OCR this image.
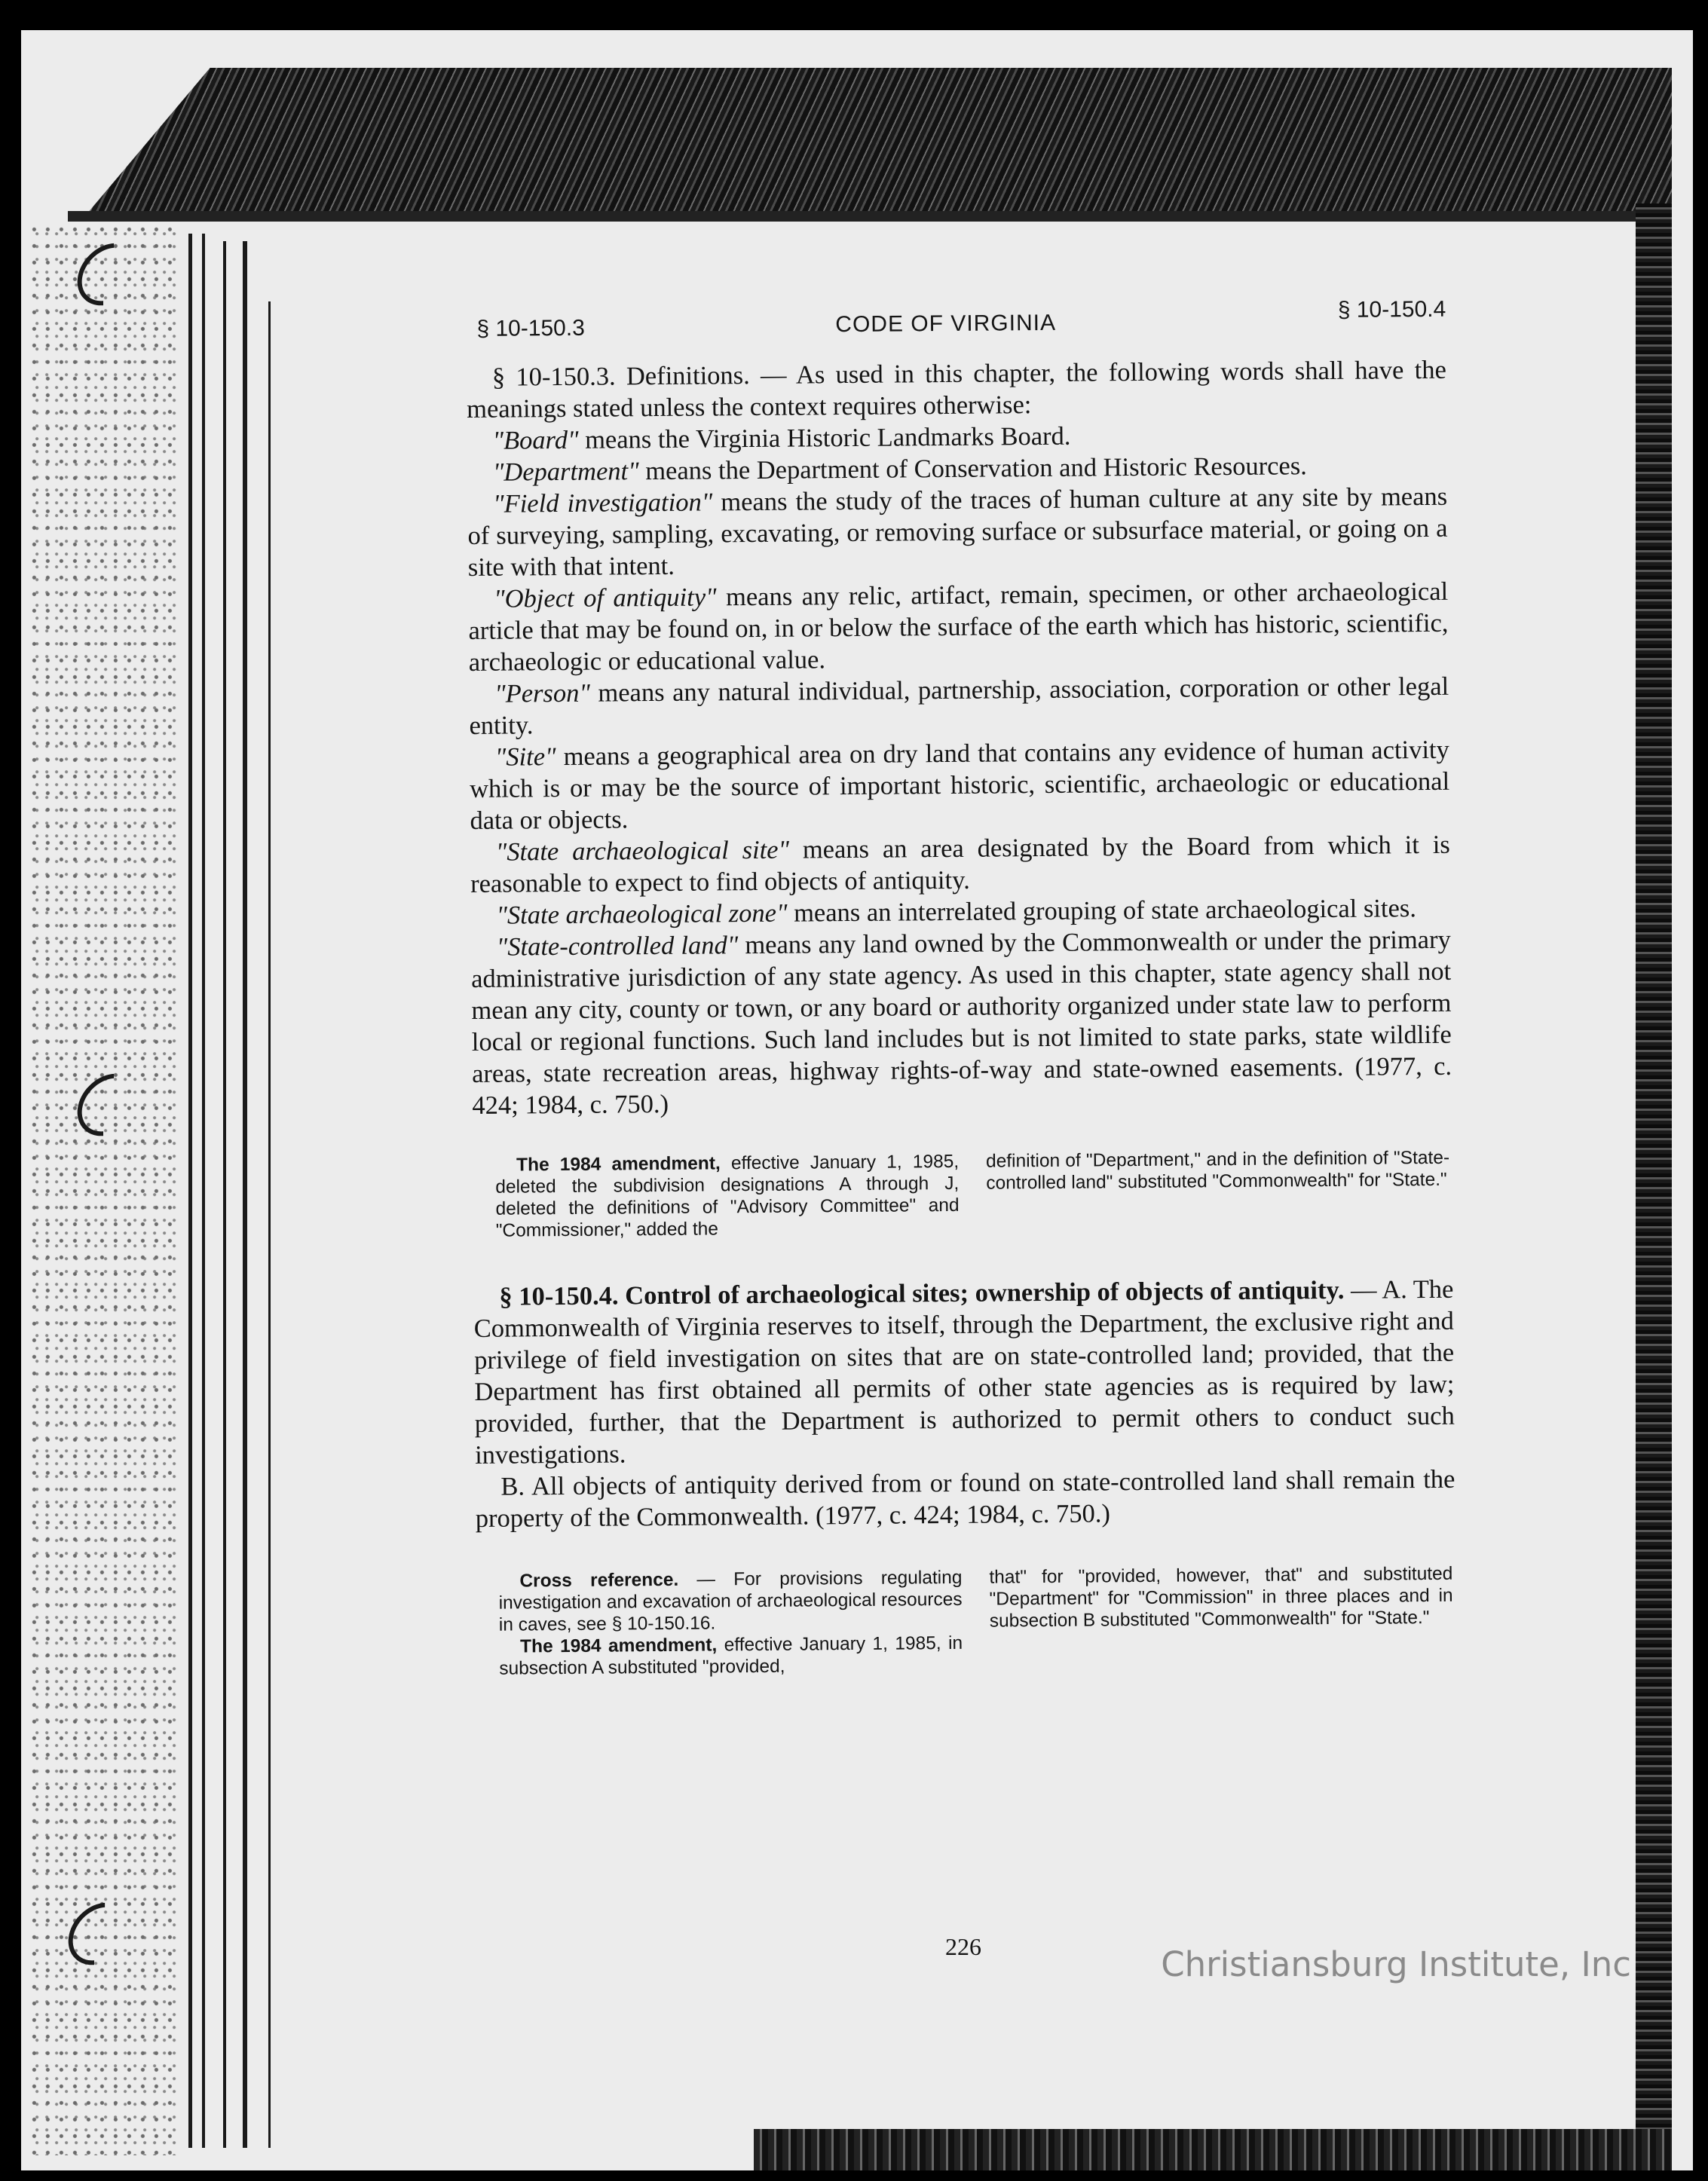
§ 10-150.3	CODE OF VIRGINIA
§ 10-150.4

§ 10-150.3. Definitions. — As used in this chapter, the following words shall have the meanings stated unless the context requires otherwise:

"Board" means the Virginia Historic Landmarks Board.

"Department" means the Department of Conservation and Historic Resources.

"Field investigation" means the study of the traces of human culture at any site by means of surveying, sampling, excavating, or removing surface or subsurface material, or going on a site with that intent.

"Object of antiquity" means any relic, artifact, remain, specimen, or other archaeological article that may be found on, in or below the surface of the earth which has historic, scientific, archaeologic or educational value.

"Person" means any natural individual, partnership, association, corporation or other legal entity.

"Site" means a geographical area on dry land that contains any evidence of human activity which is or may be the source of important historic, scientific, archaeologic or educational data or objects.

"State archaeological site" means an area designated by the Board from which it is reasonable to expect to find objects of antiquity.

"State archaeological zone" means an interrelated grouping of state archaeological sites.

"State-controlled land" means any land owned by the Commonwealth or under the primary administrative jurisdiction of any state agency. As used in this chapter, state agency shall not mean any city, county or town, or any board or authority organized under state law to perform local or regional functions. Such land includes but is not limited to state parks, state wildlife areas, state recreation areas, highway rights-of-way and state-owned easements. (1977, c. 424; 1984, c. 750.)

The 1984 amendment, effective January 1, 1985, deleted the subdivision designations A through J, deleted the definitions of "Advisory Committee" and "Commissioner," added the

definition of "Department," and in the definition of "State-controlled land" substituted "Commonwealth" for "State."

§ 10-150.4. Control of archaeological sites; ownership of objects of antiquity. — A. The Commonwealth of Virginia reserves to itself, through the Department, the exclusive right and privilege of field investigation on sites that are on state-controlled land; provided, that the Department has first obtained all permits of other state agencies as is required by law; provided, further, that the Department is authorized to permit others to conduct such investigations.

B. All objects of antiquity derived from or found on state-controlled land shall remain the property of the Commonwealth. (1977, c. 424; 1984, c. 750.)

Cross reference. — For provisions regulating investigation and excavation of archaeological resources in caves, see § 10-150.16.

The 1984 amendment, effective January 1, 1985, in subsection A substituted "provided,

that" for "provided, however, that" and substituted "Department" for "Commission" in three places and in subsection B substituted "Commonwealth" for "State."

226	Christiansburg Institute, Inc
